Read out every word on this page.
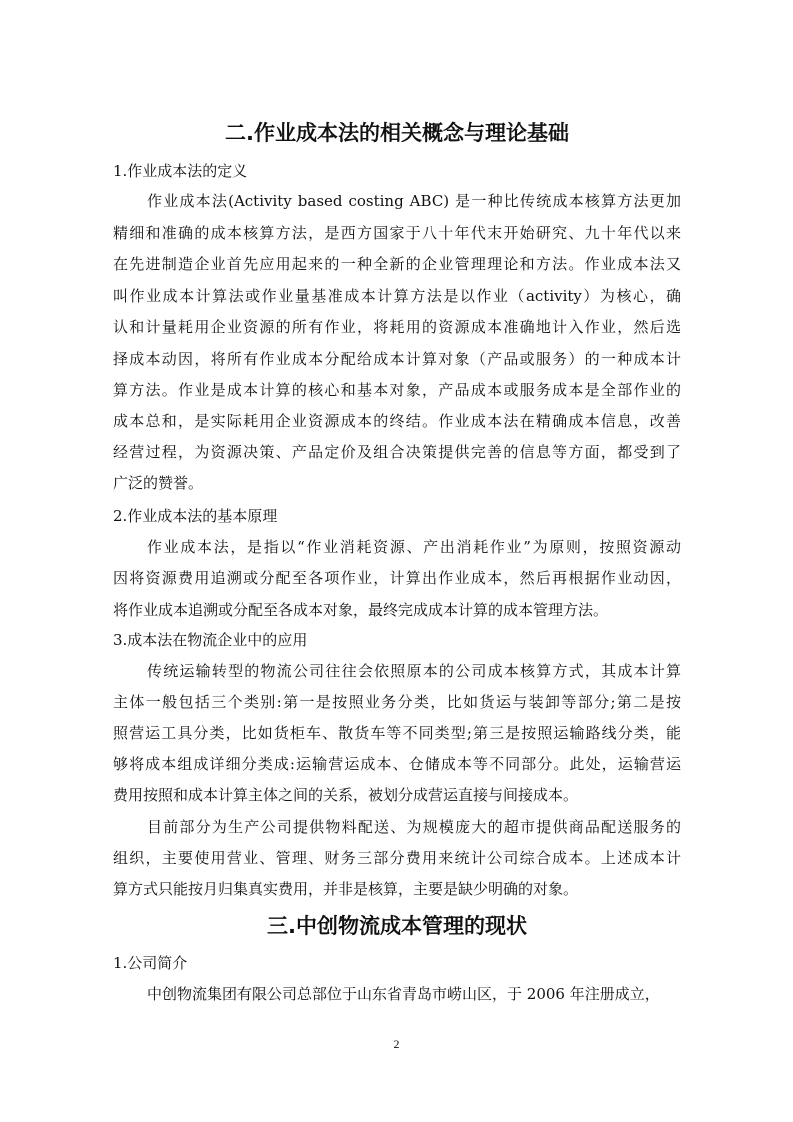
二.作业成本法的相关概念与理论基础
1.作业成本法的定义
作业成本法(Activity based costing ABC) 是一种比传统成本核算方法更加
精细和准确的成本核算方法，是西方国家于八十年代末开始研究、九十年代以来
在先进制造企业首先应用起来的一种全新的企业管理理论和方法。作业成本法又
叫作业成本计算法或作业量基准成本计算方法是以作业（activity）为核心，确
认和计量耗用企业资源的所有作业，将耗用的资源成本准确地计入作业，然后选
择成本动因，将所有作业成本分配给成本计算对象（产品或服务）的一种成本计
算方法。作业是成本计算的核心和基本对象，产品成本或服务成本是全部作业的
成本总和，是实际耗用企业资源成本的终结。作业成本法在精确成本信息，改善
经营过程，为资源决策、产品定价及组合决策提供完善的信息等方面，都受到了
广泛的赞誉。
2.作业成本法的基本原理
作业成本法，是指以“作业消耗资源、产出消耗作业”为原则，按照资源动
因将资源费用追溯或分配至各项作业，计算出作业成本，然后再根据作业动因，
将作业成本追溯或分配至各成本对象，最终完成成本计算的成本管理方法。
3.成本法在物流企业中的应用
传统运输转型的物流公司往往会依照原本的公司成本核算方式，其成本计算
主体一般包括三个类别:第一是按照业务分类，比如货运与装卸等部分;第二是按
照营运工具分类，比如货柜车、散货车等不同类型;第三是按照运输路线分类，能
够将成本组成详细分类成:运输营运成本、仓储成本等不同部分。此处，运输营运
费用按照和成本计算主体之间的关系，被划分成营运直接与间接成本。
目前部分为生产公司提供物料配送、为规模庞大的超市提供商品配送服务的
组织，主要使用营业、管理、财务三部分费用来统计公司综合成本。上述成本计
算方式只能按月归集真实费用，并非是核算，主要是缺少明确的对象。
三.中创物流成本管理的现状
1.公司简介
中创物流集团有限公司总部位于山东省青岛市崂山区，于 2006 年注册成立，
2
